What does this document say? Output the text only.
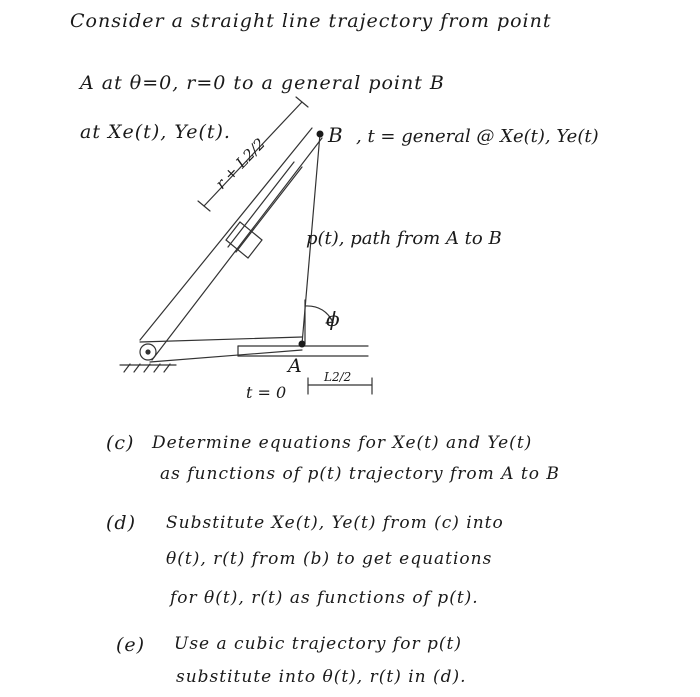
Consider a straight line trajectory from point
A at θ=0, r=0 to a general point B
at Xe(t), Ye(t).	B , t = general @ Xe(t), Ye(t)
r + L2/2
p(t), path from A to B
ϕ
A
t = 0
L2/2
(c) Determine equations for Xe(t) and Ye(t)
as functions of p(t) trajectory from A to B
(d) Substitute Xe(t), Ye(t) from (c) into
θ(t), r(t) from (b) to get equations
for θ(t), r(t) as functions of p(t).
(e) Use a cubic trajectory for p(t)
substitute into θ(t), r(t) in (d).
